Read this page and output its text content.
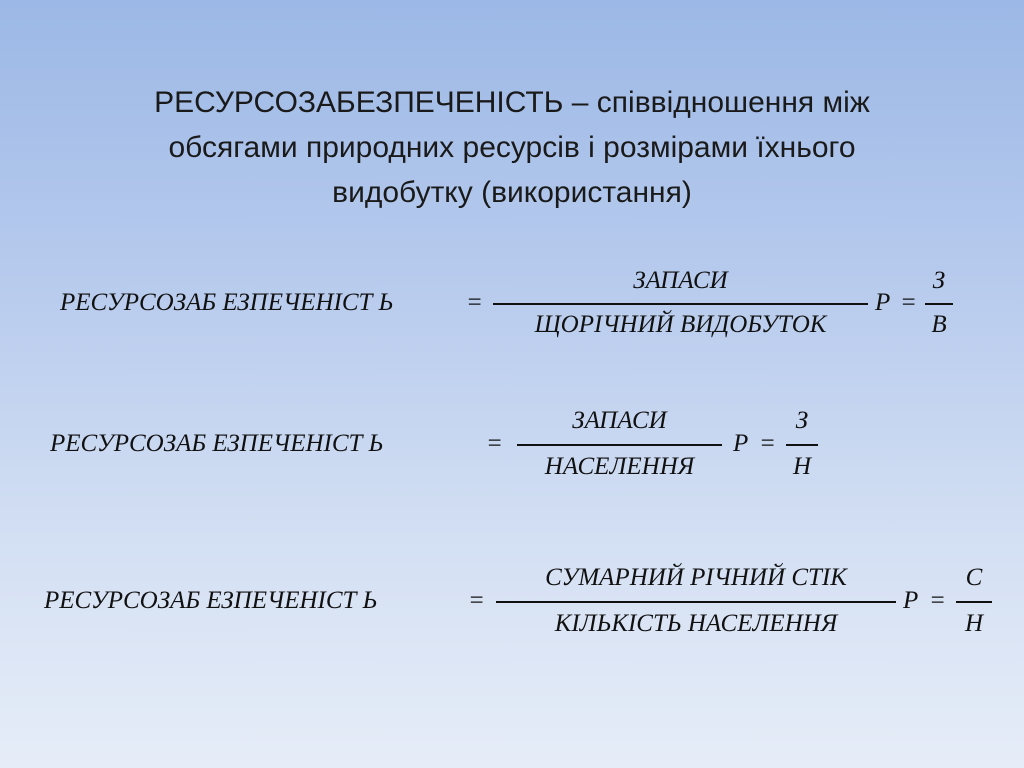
РЕСУРСОЗАБЕЗПЕЧЕНІСТЬ – співвідношення між
обсягами природних ресурсів і розмірами їхнього
видобутку (використання)
РЕСУРСОЗАБ ЕЗПЕЧЕНІСТ Ь	=
ЗАПАСИ
ЩОРІЧНИЙ ВИДОБУТОК
Р =
З
В
РЕСУРСОЗАБ ЕЗПЕЧЕНІСТ Ь	=
ЗАПАСИ
НАСЕЛЕННЯ
Р =
З
Н
РЕСУРСОЗАБ ЕЗПЕЧЕНІСТ Ь	=
СУМАРНИЙ РІЧНИЙ СТІК
КІЛЬКІСТЬ НАСЕЛЕННЯ
Р =
С
Н
